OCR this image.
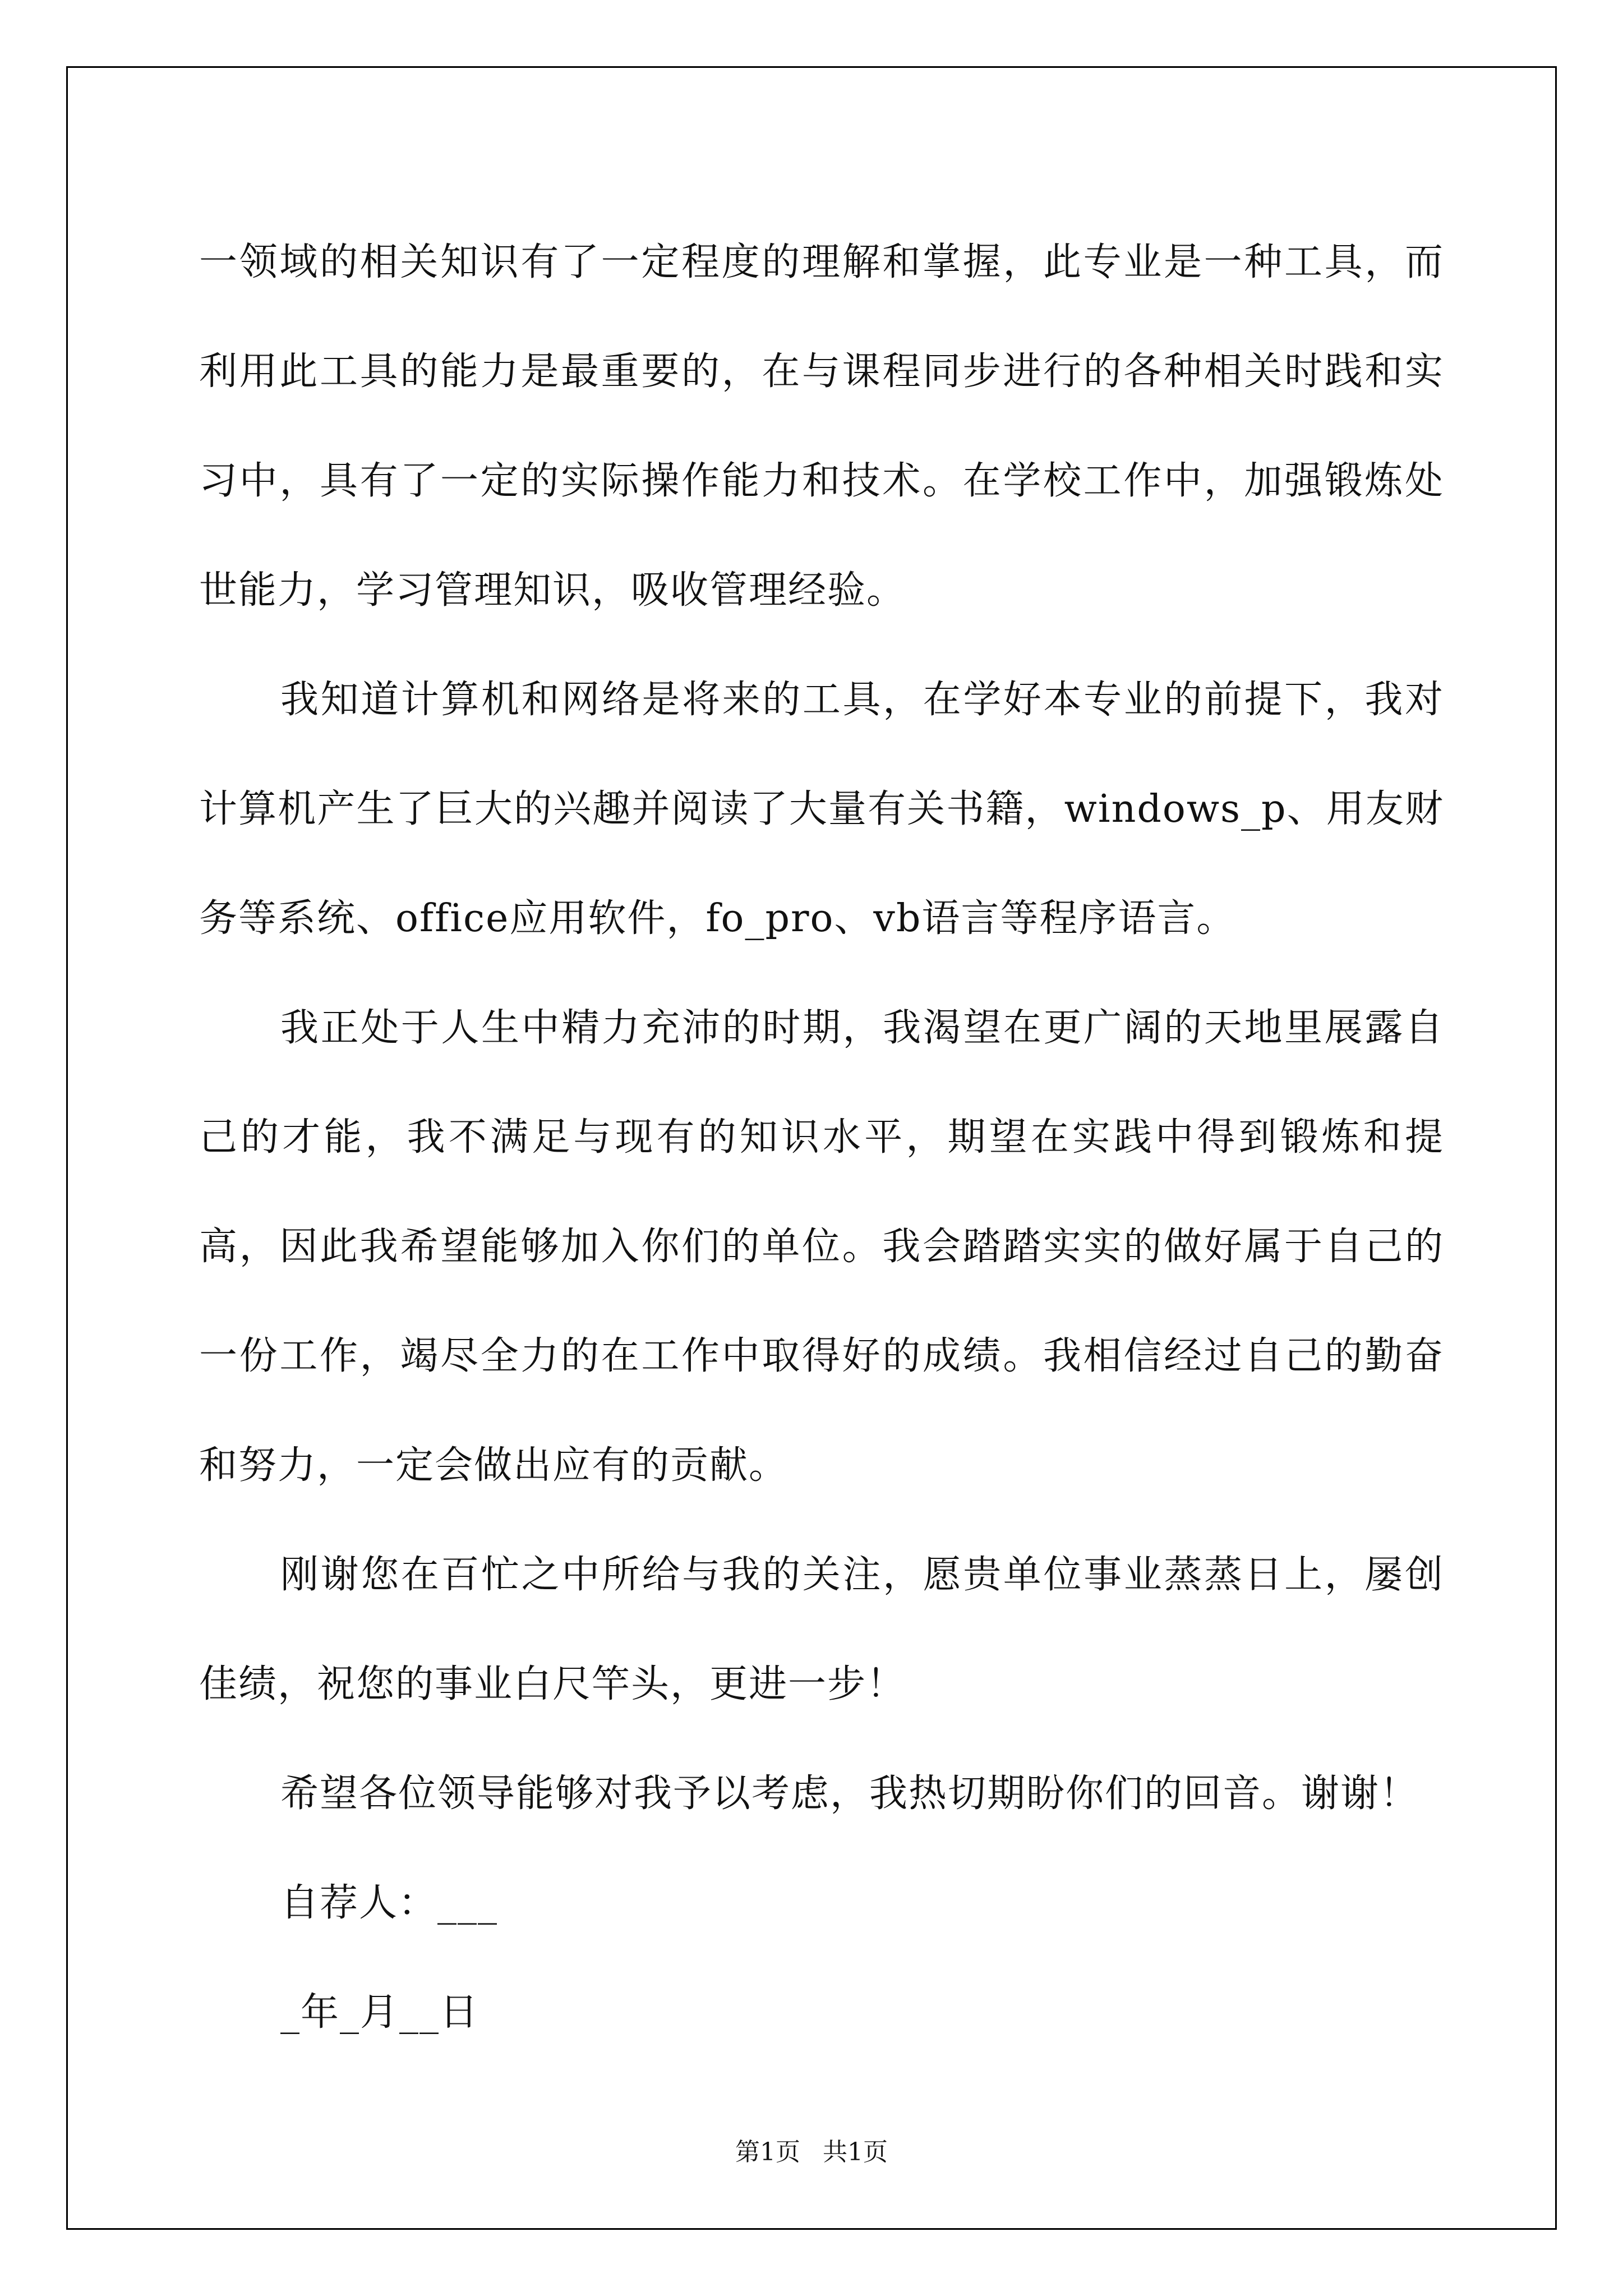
一领域的相关知识有了一定程度的理解和掌握，此专业是一种工具，而利用此工具的能力是最重要的，在与课程同步进行的各种相关时践和实习中，具有了一定的实际操作能力和技术。在学校工作中，加强锻炼处世能力，学习管理知识，吸收管理经验。

我知道计算机和网络是将来的工具，在学好本专业的前提下，我对计算机产生了巨大的兴趣并阅读了大量有关书籍，windows_p、用友财务等系统、office应用软件，fo_pro、vb语言等程序语言。

我正处于人生中精力充沛的时期，我渴望在更广阔的天地里展露自己的才能，我不满足与现有的知识水平，期望在实践中得到锻炼和提高，因此我希望能够加入你们的单位。我会踏踏实实的做好属于自己的一份工作，竭尽全力的在工作中取得好的成绩。我相信经过自己的勤奋和努力，一定会做出应有的贡献。

刚谢您在百忙之中所给与我的关注，愿贵单位事业蒸蒸日上，屡创佳绩，祝您的事业白尺竿头，更进一步！

希望各位领导能够对我予以考虑，我热切期盼你们的回音。谢谢！

自荐人：___

_年_月__日

第1页 共1页
